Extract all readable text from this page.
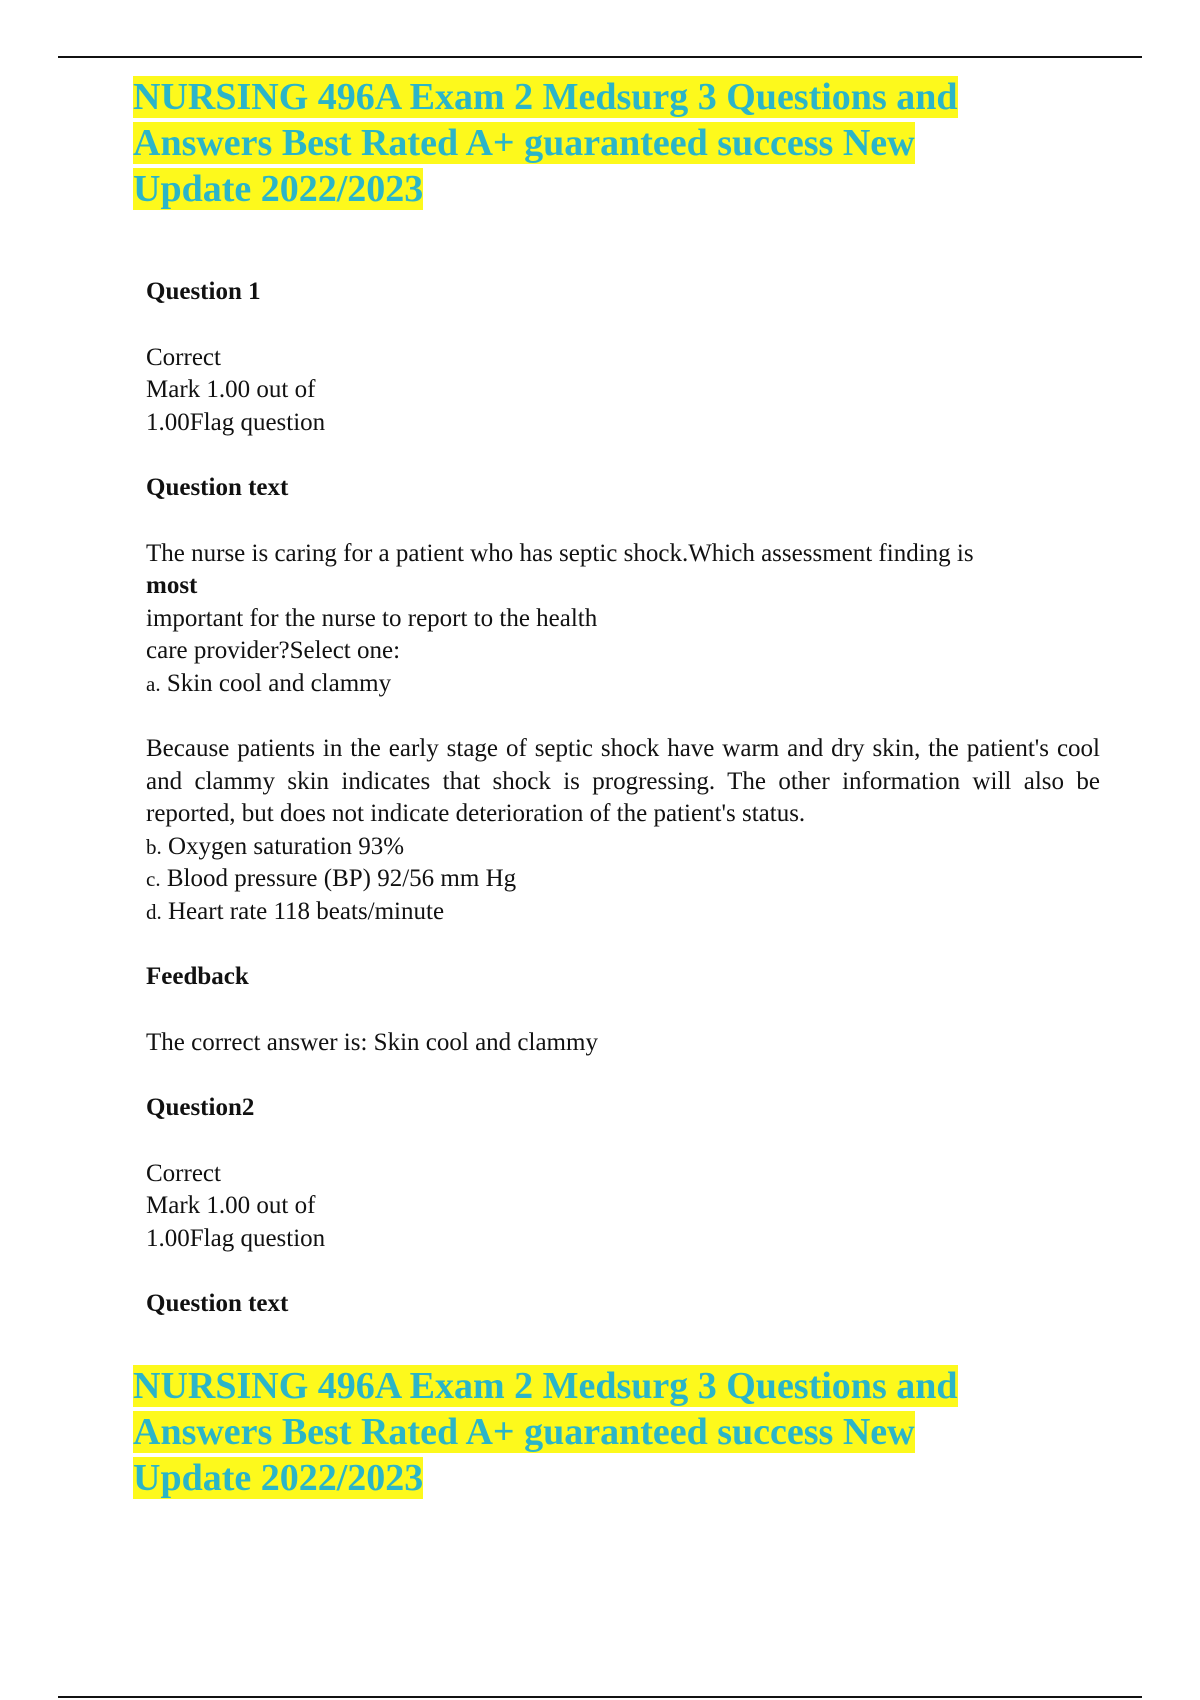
NURSING 496A Exam 2 Medsurg 3 Questions and
Answers Best Rated A+ guaranteed success New
Update 2022/2023

Question 1

Correct

Mark 1.00 out of

1.00Flag question

Question text

The nurse is caring for a patient who has septic shock.Which assessment finding is

most

important for the nurse to report to the health

care provider?Select one:

a. Skin cool and clammy

Because patients in the early stage of septic shock have warm and dry skin, the patient's cool and clammy skin indicates that shock is progressing. The other information will also be reported, but does not indicate deterioration of the patient's status.

b. Oxygen saturation 93%

c. Blood pressure (BP) 92/56 mm Hg

d. Heart rate 118 beats/minute

Feedback

The correct answer is: Skin cool and clammy

Question2

Correct

Mark 1.00 out of

1.00Flag question

Question text

NURSING 496A Exam 2 Medsurg 3 Questions and
Answers Best Rated A+ guaranteed success New
Update 2022/2023
